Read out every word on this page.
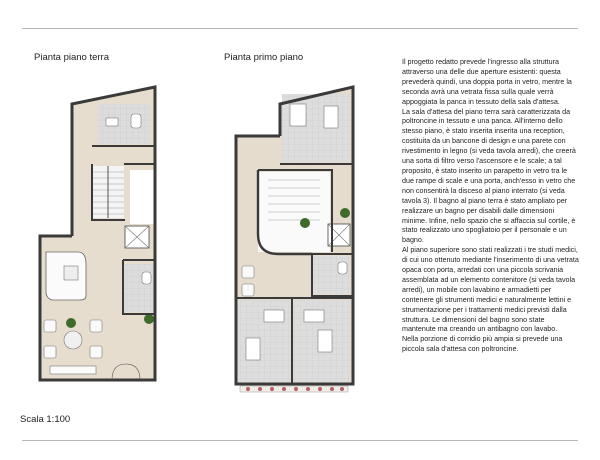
Pianta piano terra	Pianta primo piano	Il progetto redatto prevede l'ingresso alla struttura attraverso una delle due aperture esistenti: questa prevederà quindi, una doppia porta in vetro, mentre la seconda avrà una vetrata fissa sulla quale verrà appoggiata la panca in tessuto della sala d'attesa.

La sala d'attesa del piano terra sarà caratterizzata da poltroncine in tessuto e una panca. All'interno dello stesso piano, è stato inserita inserita una reception, costituita da un bancone di design e una parete con rivestimento in legno (si veda tavola arredi), che creerà una sorta di filtro verso l'ascensore e le scale; a tal proposito, è stato inserito un parapetto in vetro tra le due rampe di scale e una porta, anch'esso in vetro che non consentirà la disceso al piano interrato (si veda tavola 3). Il bagno al piano terra è stato ampliato per realizzare un bagno per disabili dalle dimensioni minime. Infine, nello spazio che si affaccia sul cortile, è stato realizzato uno spogliatoio per il personale e un bagno.

Al piano superiore sono stati realizzati i tre studi medici, di cui uno ottenuto mediante l'inserimento di una vetrata opaca con porta, arredati con una piccola scrivania assemblata ad un elemento contenitore (si veda tavola arredi), un mobile con lavabino e armadietti per contenere gli strumenti medici e naturalmente lettini e strumentazione per i trattamenti medici previsti dalla struttura. Le dimensioni del bagno sono state mantenute ma creando un antibagno con lavabo.

Nella porzione di corridio più ampia si prevede una piccola sala d'attesa con poltroncine.

Scala 1:100
